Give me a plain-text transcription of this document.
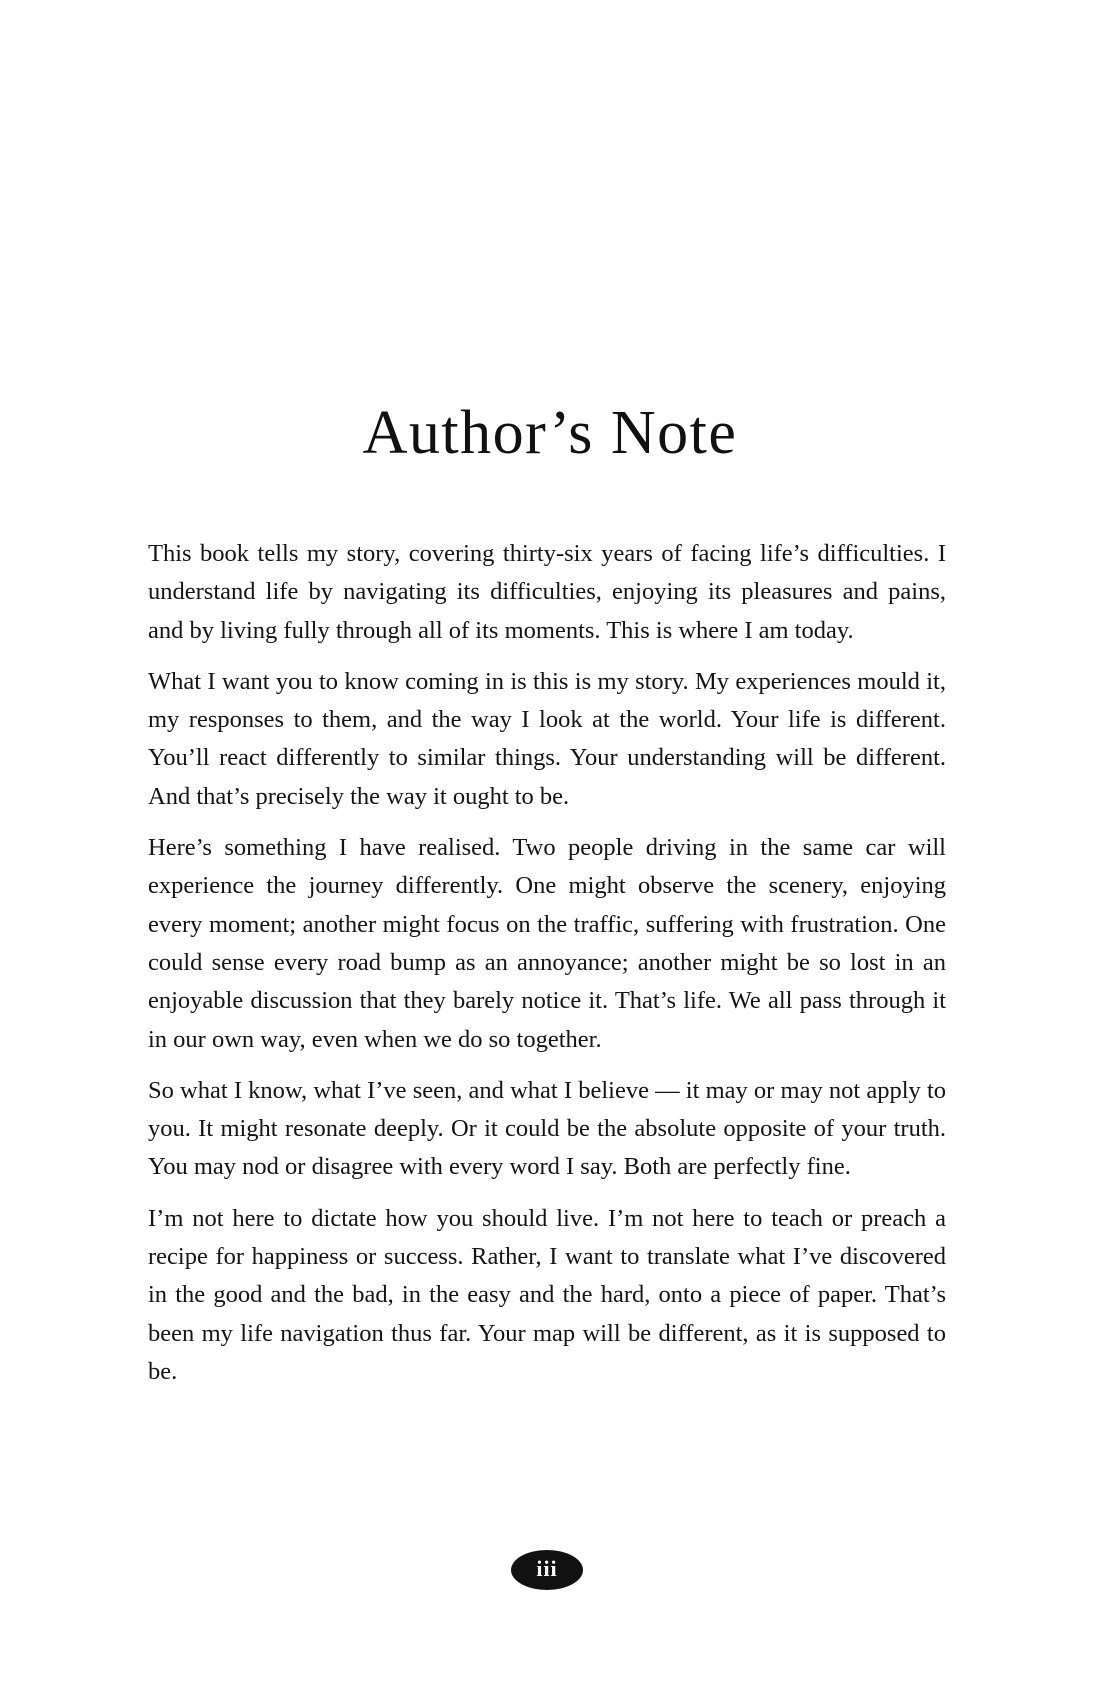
Author’s Note

This book tells my story, covering thirty-six years of facing life’s difficulties. I understand life by navigating its difficulties, enjoying its pleasures and pains, and by living fully through all of its moments. This is where I am today.

What I want you to know coming in is this is my story. My experiences mould it, my responses to them, and the way I look at the world. Your life is different. You’ll react differently to similar things. Your understanding will be different. And that’s precisely the way it ought to be.

Here’s something I have realised. Two people driving in the same car will experience the journey differently. One might observe the scenery, enjoying every moment; another might focus on the traffic, suffering with frustration. One could sense every road bump as an annoyance; another might be so lost in an enjoyable discussion that they barely notice it. That’s life. We all pass through it in our own way, even when we do so together.

So what I know, what I’ve seen, and what I believe — it may or may not apply to you. It might resonate deeply. Or it could be the absolute opposite of your truth. You may nod or disagree with every word I say. Both are perfectly fine.

I’m not here to dictate how you should live. I’m not here to teach or preach a recipe for happiness or success. Rather, I want to translate what I’ve discovered in the good and the bad, in the easy and the hard, onto a piece of paper. That’s been my life navigation thus far. Your map will be different, as it is supposed to be.

iii
